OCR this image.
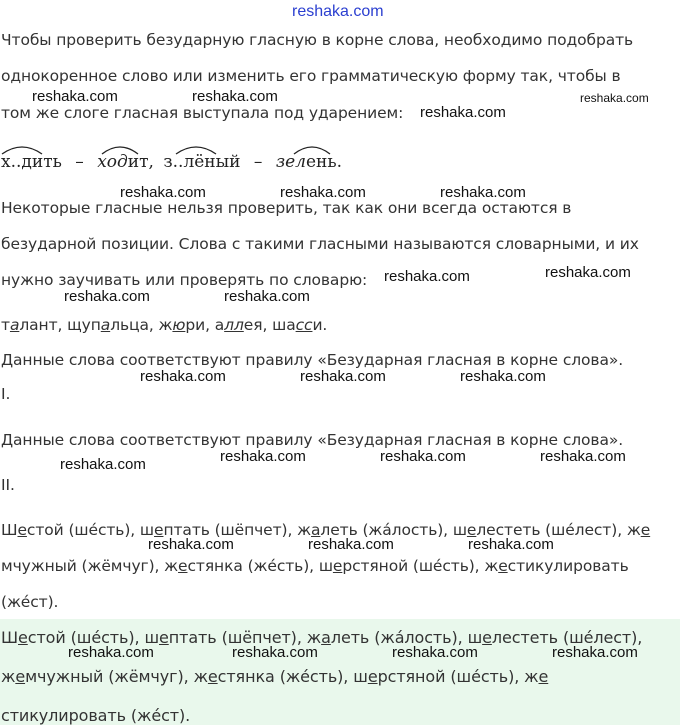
reshaka.com
Чтобы проверить безударную гласную в корне слова, необходимо подобрать
однокоренное слово или изменить его грамматическую форму так, чтобы в
том же слоге гласная выступала под ударением:
х..дить – ходит, з..лёный – зелень.
Некоторые гласные нельзя проверить, так как они всегда остаются в
безударной позиции. Слова с такими гласными называются словарными, и их
нужно заучивать или проверять по словарю:
талант, щупальца, жюри, аллея, шасси.
Данные слова соответствуют правилу «Безударная гласная в корне слова».
I.
Данные слова соответствуют правилу «Безударная гласная в корне слова».
II.
Шестой (ше́сть), шептать (шёпчет), жалеть (жа́лость), шелестеть (ше́лест), же
мчужный (жёмчуг), жестянка (же́сть), шерстяной (ше́сть), жестикулировать
(же́ст).
Шестой (ше́сть), шептать (шёпчет), жалеть (жа́лость), шелестеть (ше́лест),
жемчужный (жёмчуг), жестянка (же́сть), шерстяной (ше́сть), же
стикулировать (же́ст).
reshaka.com	reshaka.com	reshaka.com
reshaka.com
reshaka.com	reshaka.com	reshaka.com
reshaka.com	reshaka.com
reshaka.com	reshaka.com
reshaka.com	reshaka.com	reshaka.com
reshaka.com	reshaka.com	reshaka.com	reshaka.com
reshaka.com	reshaka.com	reshaka.com
reshaka.com	reshaka.com	reshaka.com	reshaka.com
